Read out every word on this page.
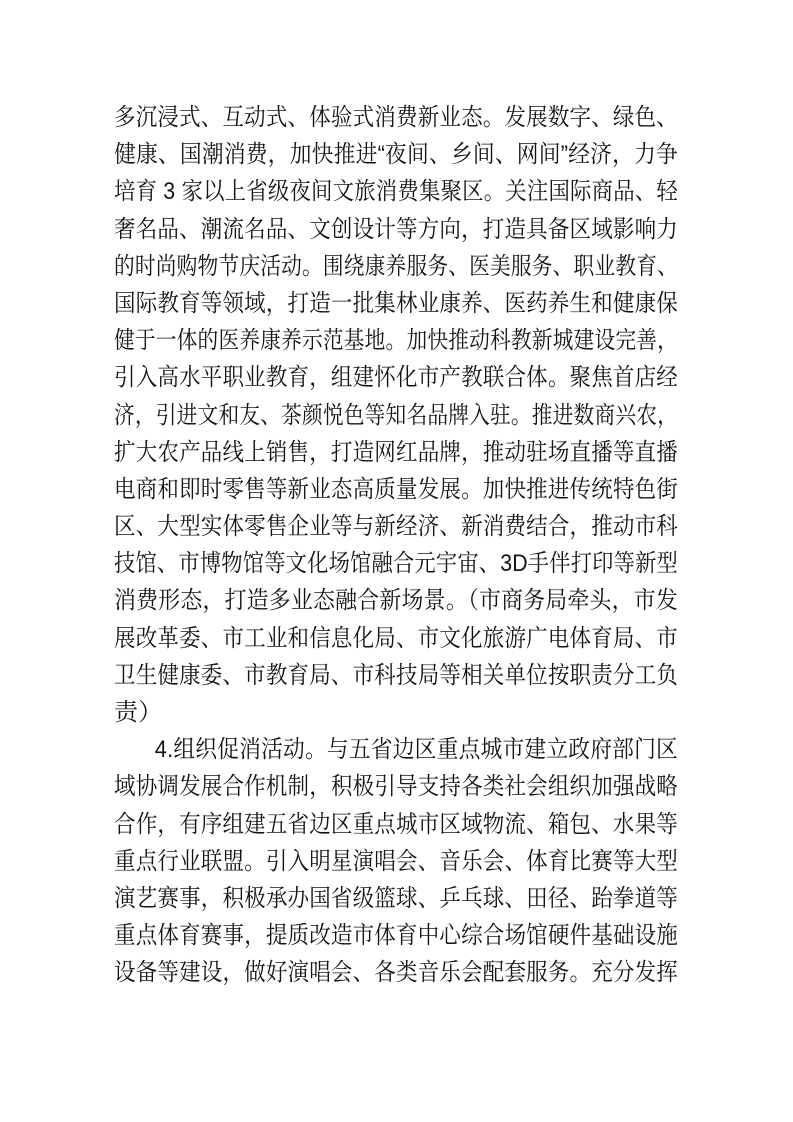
多沉浸式、互动式、体验式消费新业态。发展数字、绿色、
健康、国潮消费，加快推进“夜间、乡间、网间”经济，力争
培育 3 家以上省级夜间文旅消费集聚区。关注国际商品、轻
奢名品、潮流名品、文创设计等方向，打造具备区域影响力
的时尚购物节庆活动。围绕康养服务、医美服务、职业教育、
国际教育等领域，打造一批集林业康养、医药养生和健康保
健于一体的医养康养示范基地。加快推动科教新城建设完善，
引入高水平职业教育，组建怀化市产教联合体。聚焦首店经
济，引进文和友、茶颜悦色等知名品牌入驻。推进数商兴农，
扩大农产品线上销售，打造网红品牌，推动驻场直播等直播
电商和即时零售等新业态高质量发展。加快推进传统特色街
区、大型实体零售企业等与新经济、新消费结合，推动市科
技馆、市博物馆等文化场馆融合元宇宙、3D手伴打印等新型
消费形态，打造多业态融合新场景。（市商务局牵头，市发
展改革委、市工业和信息化局、市文化旅游广电体育局、市
卫生健康委、市教育局、市科技局等相关单位按职责分工负
责）
4.组织促消活动。与五省边区重点城市建立政府部门区
域协调发展合作机制，积极引导支持各类社会组织加强战略
合作，有序组建五省边区重点城市区域物流、箱包、水果等
重点行业联盟。引入明星演唱会、音乐会、体育比赛等大型
演艺赛事，积极承办国省级篮球、乒乓球、田径、跆拳道等
重点体育赛事，提质改造市体育中心综合场馆硬件基础设施
设备等建设，做好演唱会、各类音乐会配套服务。充分发挥
